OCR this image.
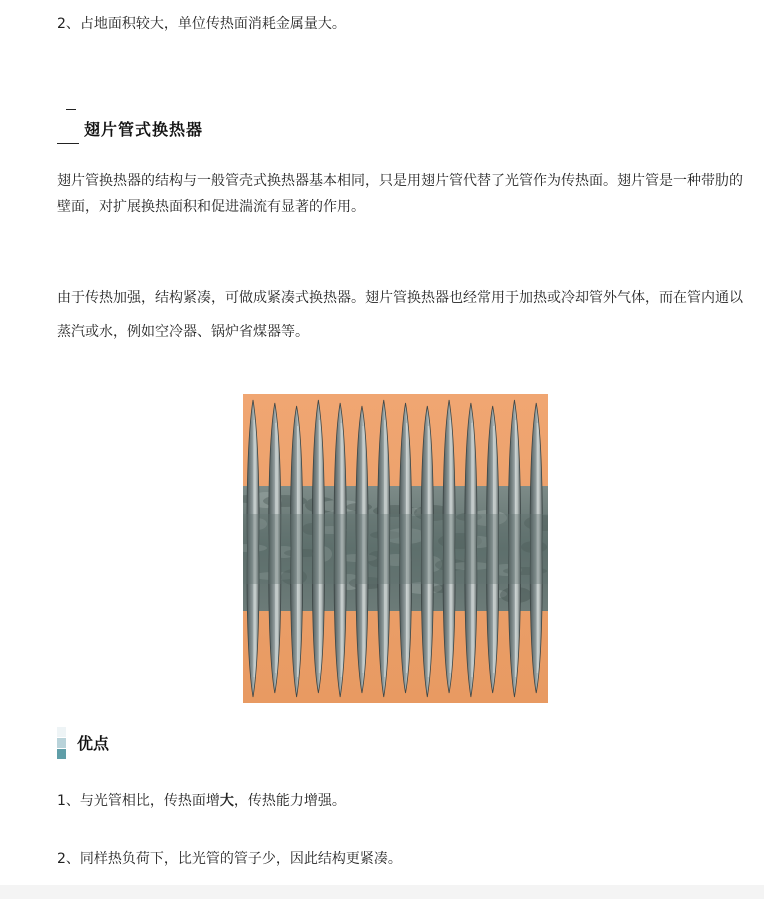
2、占地面积较大，单位传热面消耗金属量大。
翅片管式换热器
翅片管换热器的结构与一般管壳式换热器基本相同，只是用翅片管代替了光管作为传热面。翅片管是一种带肋的壁面，对扩展换热面积和促进湍流有显著的作用。
由于传热加强，结构紧凑，可做成紧凑式换热器。翅片管换热器也经常用于加热或冷却管外气体，而在管内通以蒸汽或水，例如空冷器、锅炉省煤器等。
优点
1、与光管相比，传热面增大，传热能力增强。
2、同样热负荷下，比光管的管子少，因此结构更紧凑。
